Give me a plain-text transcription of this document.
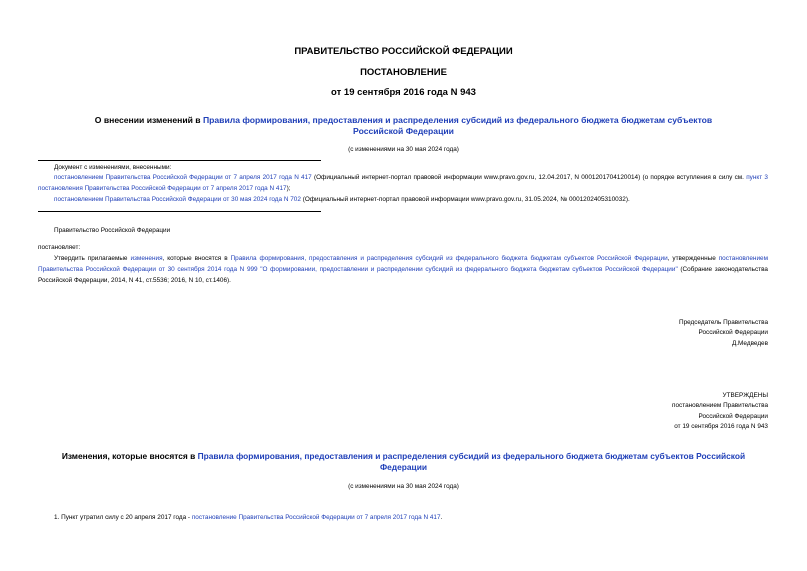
ПРАВИТЕЛЬСТВО РОССИЙСКОЙ ФЕДЕРАЦИИ
ПОСТАНОВЛЕНИЕ
от 19 сентября 2016 года N 943
О внесении изменений в Правила формирования, предоставления и распределения субсидий из федерального бюджета бюджетам субъектов Российской Федерации
(с изменениями на 30 мая 2024 года)
Документ с изменениями, внесенными:
постановлением Правительства Российской Федерации от 7 апреля 2017 года N 417 (Официальный интернет-портал правовой информации www.pravo.gov.ru, 12.04.2017, N 0001201704120014) (о порядке вступления в силу см. пункт 3 постановления Правительства Российской Федерации от 7 апреля 2017 года N 417);
постановлением Правительства Российской Федерации от 30 мая 2024 года N 702 (Официальный интернет-портал правовой информации www.pravo.gov.ru, 31.05.2024, № 0001202405310032).
Правительство Российской Федерации
постановляет:
Утвердить прилагаемые изменения, которые вносятся в Правила формирования, предоставления и распределения субсидий из федерального бюджета бюджетам субъектов Российской Федерации, утвержденные постановлением Правительства Российской Федерации от 30 сентября 2014 года N 999 "О формировании, предоставлении и распределении субсидий из федерального бюджета бюджетам субъектов Российской Федерации" (Собрание законодательства Российской Федерации, 2014, N 41, ст.5536; 2016, N 10, ст.1406).
Председатель Правительства
Российской Федерации
Д.Медведев
УТВЕРЖДЕНЫ
постановлением Правительства
Российской Федерации
от 19 сентября 2016 года N 943
Изменения, которые вносятся в Правила формирования, предоставления и распределения субсидий из федерального бюджета бюджетам субъектов Российской Федерации
(с изменениями на 30 мая 2024 года)
1. Пункт утратил силу с 20 апреля 2017 года - постановление Правительства Российской Федерации от 7 апреля 2017 года N 417.
